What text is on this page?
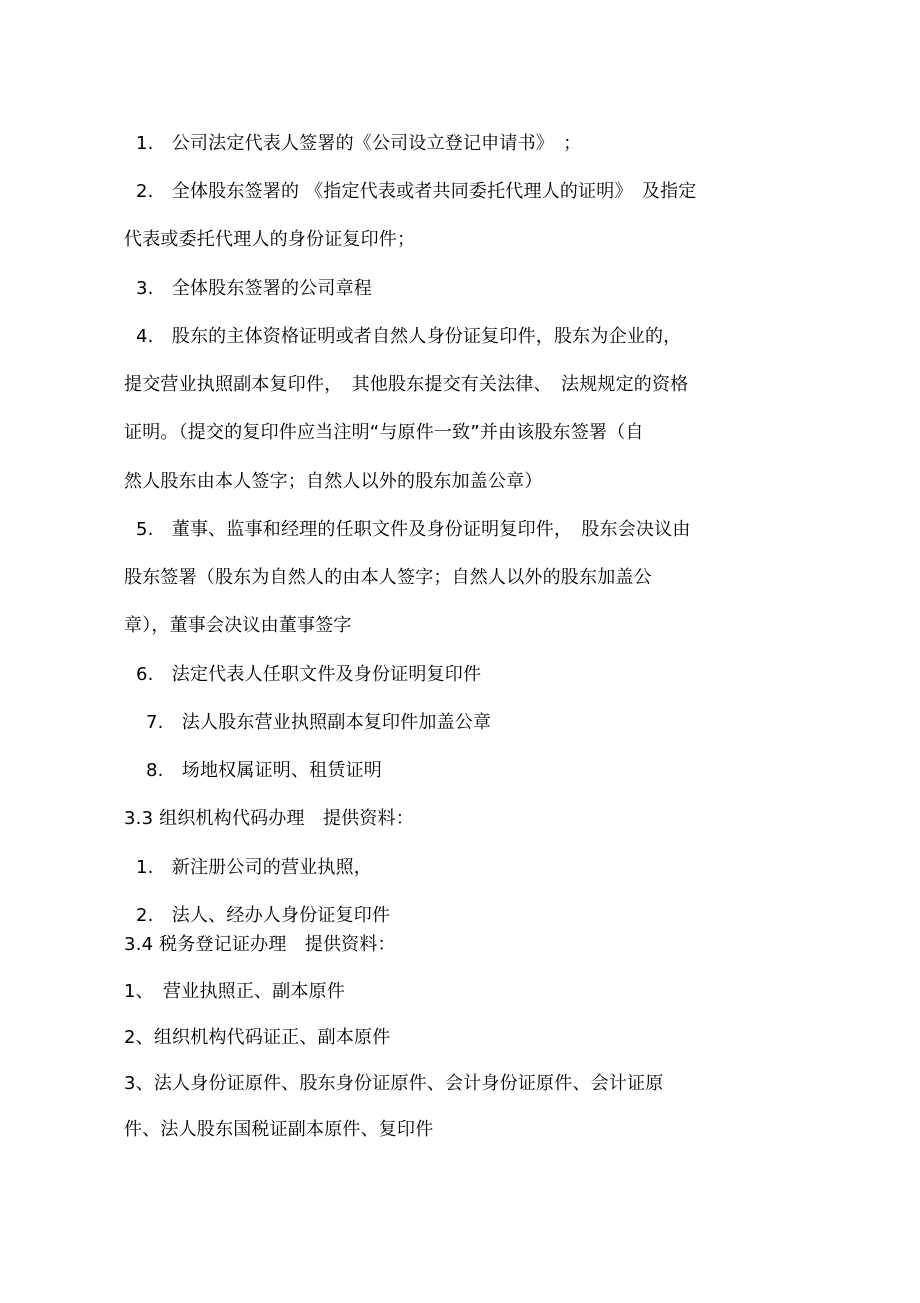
1.　公司法定代表人签署的《公司设立登记申请书》　；
2.　全体股东签署的 《指定代表或者共同委托代理人的证明》　及指定
代表或委托代理人的身份证复印件；
3.　全体股东签署的公司章程
4.　股东的主体资格证明或者自然人身份证复印件，股东为企业的，
提交营业执照副本复印件，　其他股东提交有关法律、　法规规定的资格
证明。（提交的复印件应当注明“与原件一致”并由该股东签署（自
然人股东由本人签字；自然人以外的股东加盖公章）
5.　董事、监事和经理的任职文件及身份证明复印件，　股东会决议由
股东签署（股东为自然人的由本人签字；自然人以外的股东加盖公
章），董事会决议由董事签字
6.　法定代表人任职文件及身份证明复印件
7.　法人股东营业执照副本复印件加盖公章
8.　场地权属证明、租赁证明
3.3 组织机构代码办理　提供资料：
1.　新注册公司的营业执照，
2.　法人、经办人身份证复印件
3.4 税务登记证办理　提供资料：
1、　营业执照正、副本原件
2、组织机构代码证正、副本原件
3、法人身份证原件、股东身份证原件、会计身份证原件、会计证原
件、法人股东国税证副本原件、复印件
